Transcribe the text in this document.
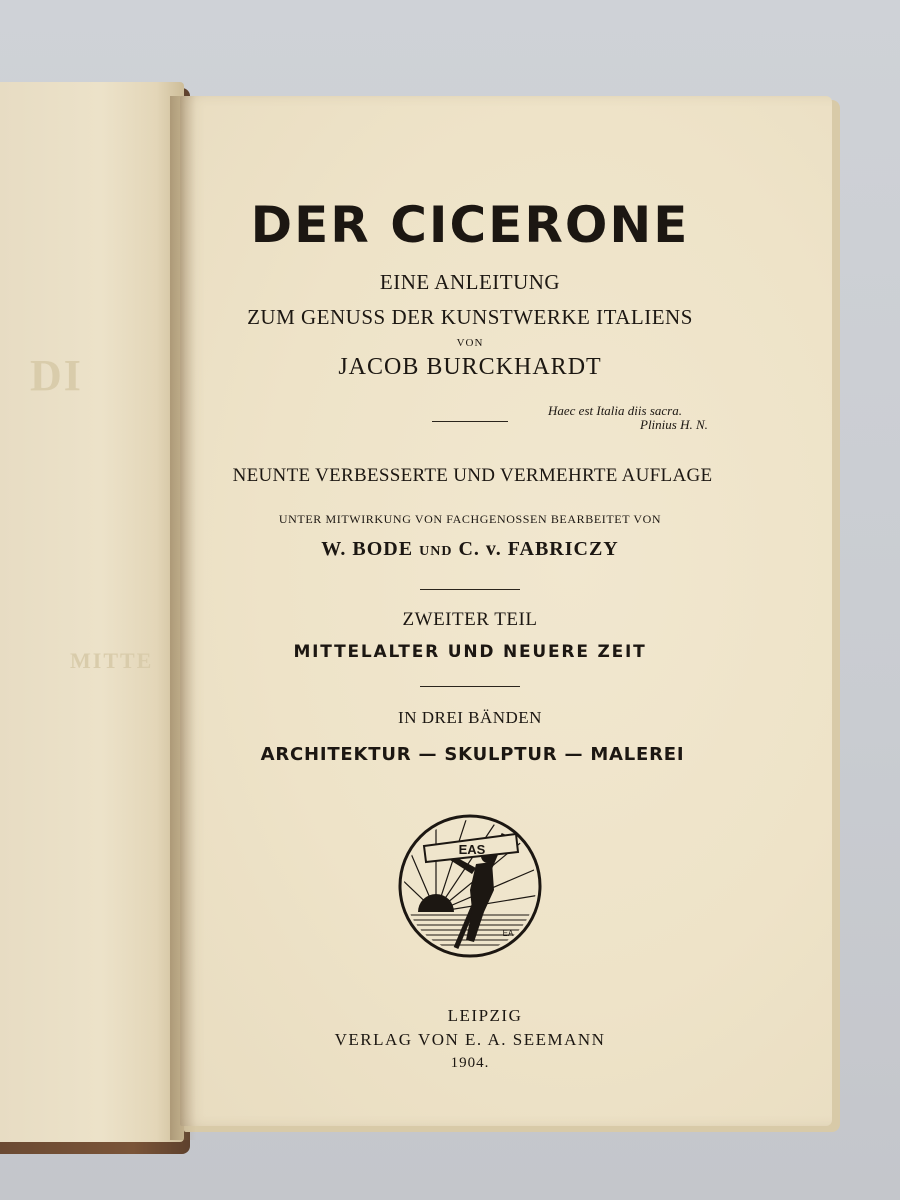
DI
MITTE
DER CICERONE
EINE ANLEITUNG
ZUM GENUSS DER KUNSTWERKE ITALIENS
VON
JACOB BURCKHARDT
Haec est Italia diis sacra.
Plinius H. N.
NEUNTE VERBESSERTE UND VERMEHRTE AUFLAGE
UNTER MITWIRKUNG VON FACHGENOSSEN BEARBEITET VON
W. BODE UND C. v. FABRICZY
ZWEITER TEIL
MITTELALTER UND NEUERE ZEIT
IN DREI BÄNDEN
ARCHITEKTUR — SKULPTUR — MALEREI
EAS
EA
LEIPZIG
VERLAG VON E. A. SEEMANN
1904.
